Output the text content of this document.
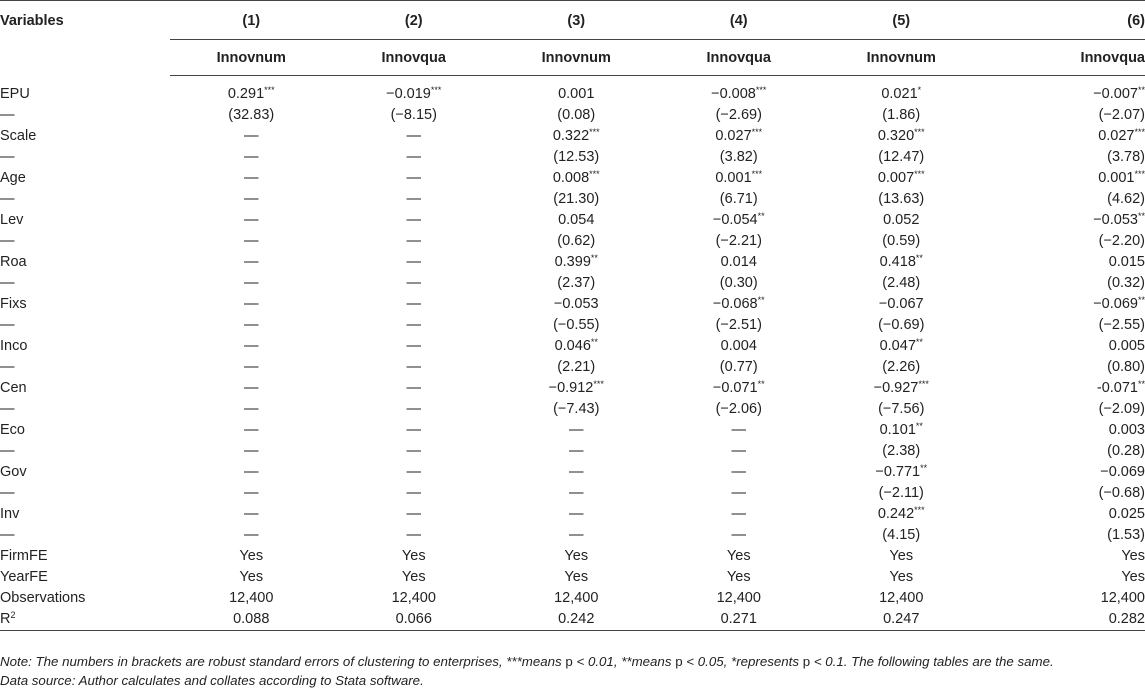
Variables	(1)	(2)	(3)	(4)	(5)	(6)
	Innovnum	Innovqua	Innovnum	Innovqua	Innovnum	Innovqua
EPU	0.291***	−0.019***	0.001	−0.008***	0.021*	−0.007**
—	(32.83)	(−8.15)	(0.08)	(−2.69)	(1.86)	(−2.07)
Scale	—	—	0.322***	0.027***	0.320***	0.027***
—	—	—	(12.53)	(3.82)	(12.47)	(3.78)
Age	—	—	0.008***	0.001***	0.007***	0.001***
—	—	—	(21.30)	(6.71)	(13.63)	(4.62)
Lev	—	—	0.054	−0.054**	0.052	−0.053**
—	—	—	(0.62)	(−2.21)	(0.59)	(−2.20)
Roa	—	—	0.399**	0.014	0.418**	0.015
—	—	—	(2.37)	(0.30)	(2.48)	(0.32)
Fixs	—	—	−0.053	−0.068**	−0.067	−0.069**
—	—	—	(−0.55)	(−2.51)	(−0.69)	(−2.55)
Inco	—	—	0.046**	0.004	0.047**	0.005
—	—	—	(2.21)	(0.77)	(2.26)	(0.80)
Cen	—	—	−0.912***	−0.071**	−0.927***	-0.071**
—	—	—	(−7.43)	(−2.06)	(−7.56)	(−2.09)
Eco	—	—	—	—	0.101**	0.003
—	—	—	—	—	(2.38)	(0.28)
Gov	—	—	—	—	−0.771**	−0.069
—	—	—	—	—	(−2.11)	(−0.68)
Inv	—	—	—	—	0.242***	0.025
—	—	—	—	—	(4.15)	(1.53)
FirmFE	Yes	Yes	Yes	Yes	Yes	Yes
YearFE	Yes	Yes	Yes	Yes	Yes	Yes
Observations	12,400	12,400	12,400	12,400	12,400	12,400
$R^2$	0.088	0.066	0.242	0.271	0.247	0.282
Note: The numbers in brackets are robust standard errors of clustering to enterprises, ***means p < 0.01, **means p < 0.05, *represents p < 0.1. The following tables are the same.
Data source: Author calculates and collates according to Stata software.
